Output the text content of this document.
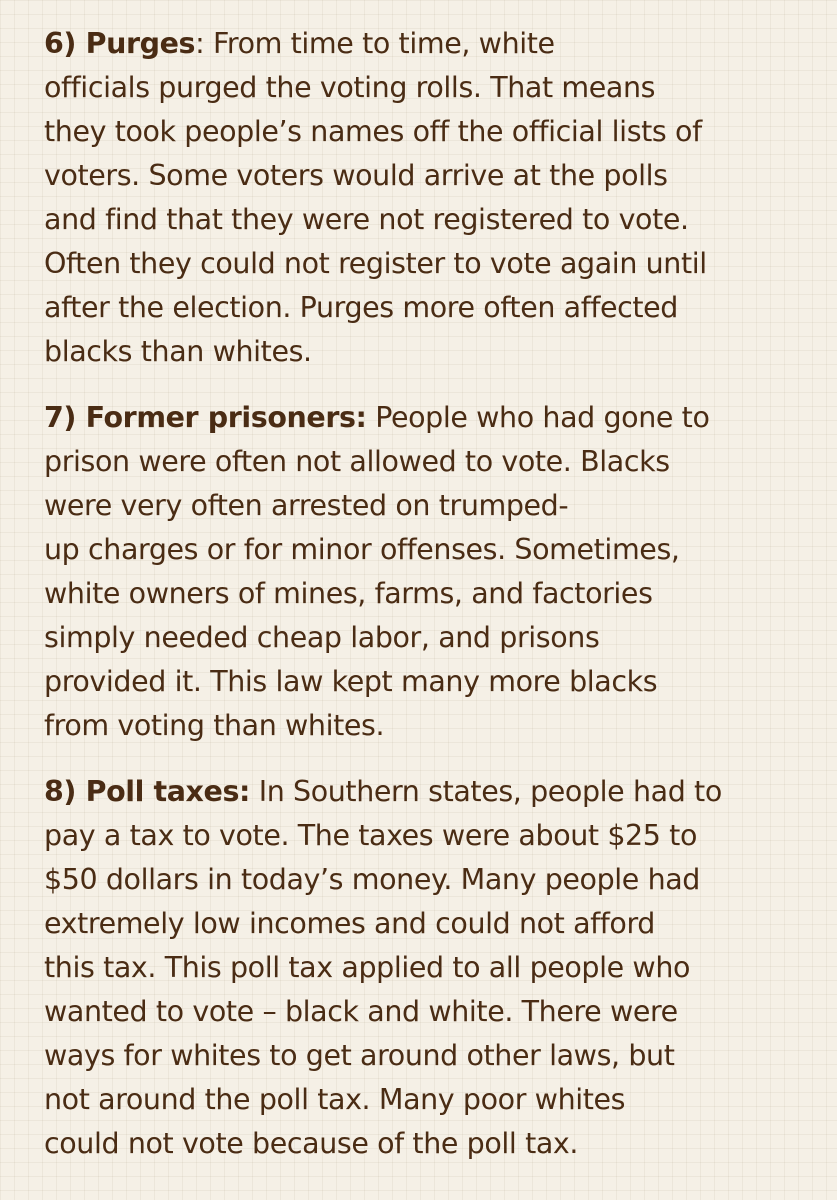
6) Purges: From time to time, white
officials purged the voting rolls. That means
they took people’s names off the official lists of
voters. Some voters would arrive at the polls
and find that they were not registered to vote.
Often they could not register to vote again until
after the election. Purges more often affected
blacks than whites.
7) Former prisoners: People who had gone to
prison were often not allowed to vote. Blacks
were very often arrested on trumped-
up charges or for minor offenses. Sometimes,
white owners of mines, farms, and factories
simply needed cheap labor, and prisons
provided it. This law kept many more blacks
from voting than whites.
8) Poll taxes: In Southern states, people had to
pay a tax to vote. The taxes were about $25 to
$50 dollars in today’s money. Many people had
extremely low incomes and could not afford
this tax. This poll tax applied to all people who
wanted to vote – black and white. There were
ways for whites to get around other laws, but
not around the poll tax. Many poor whites
could not vote because of the poll tax.
